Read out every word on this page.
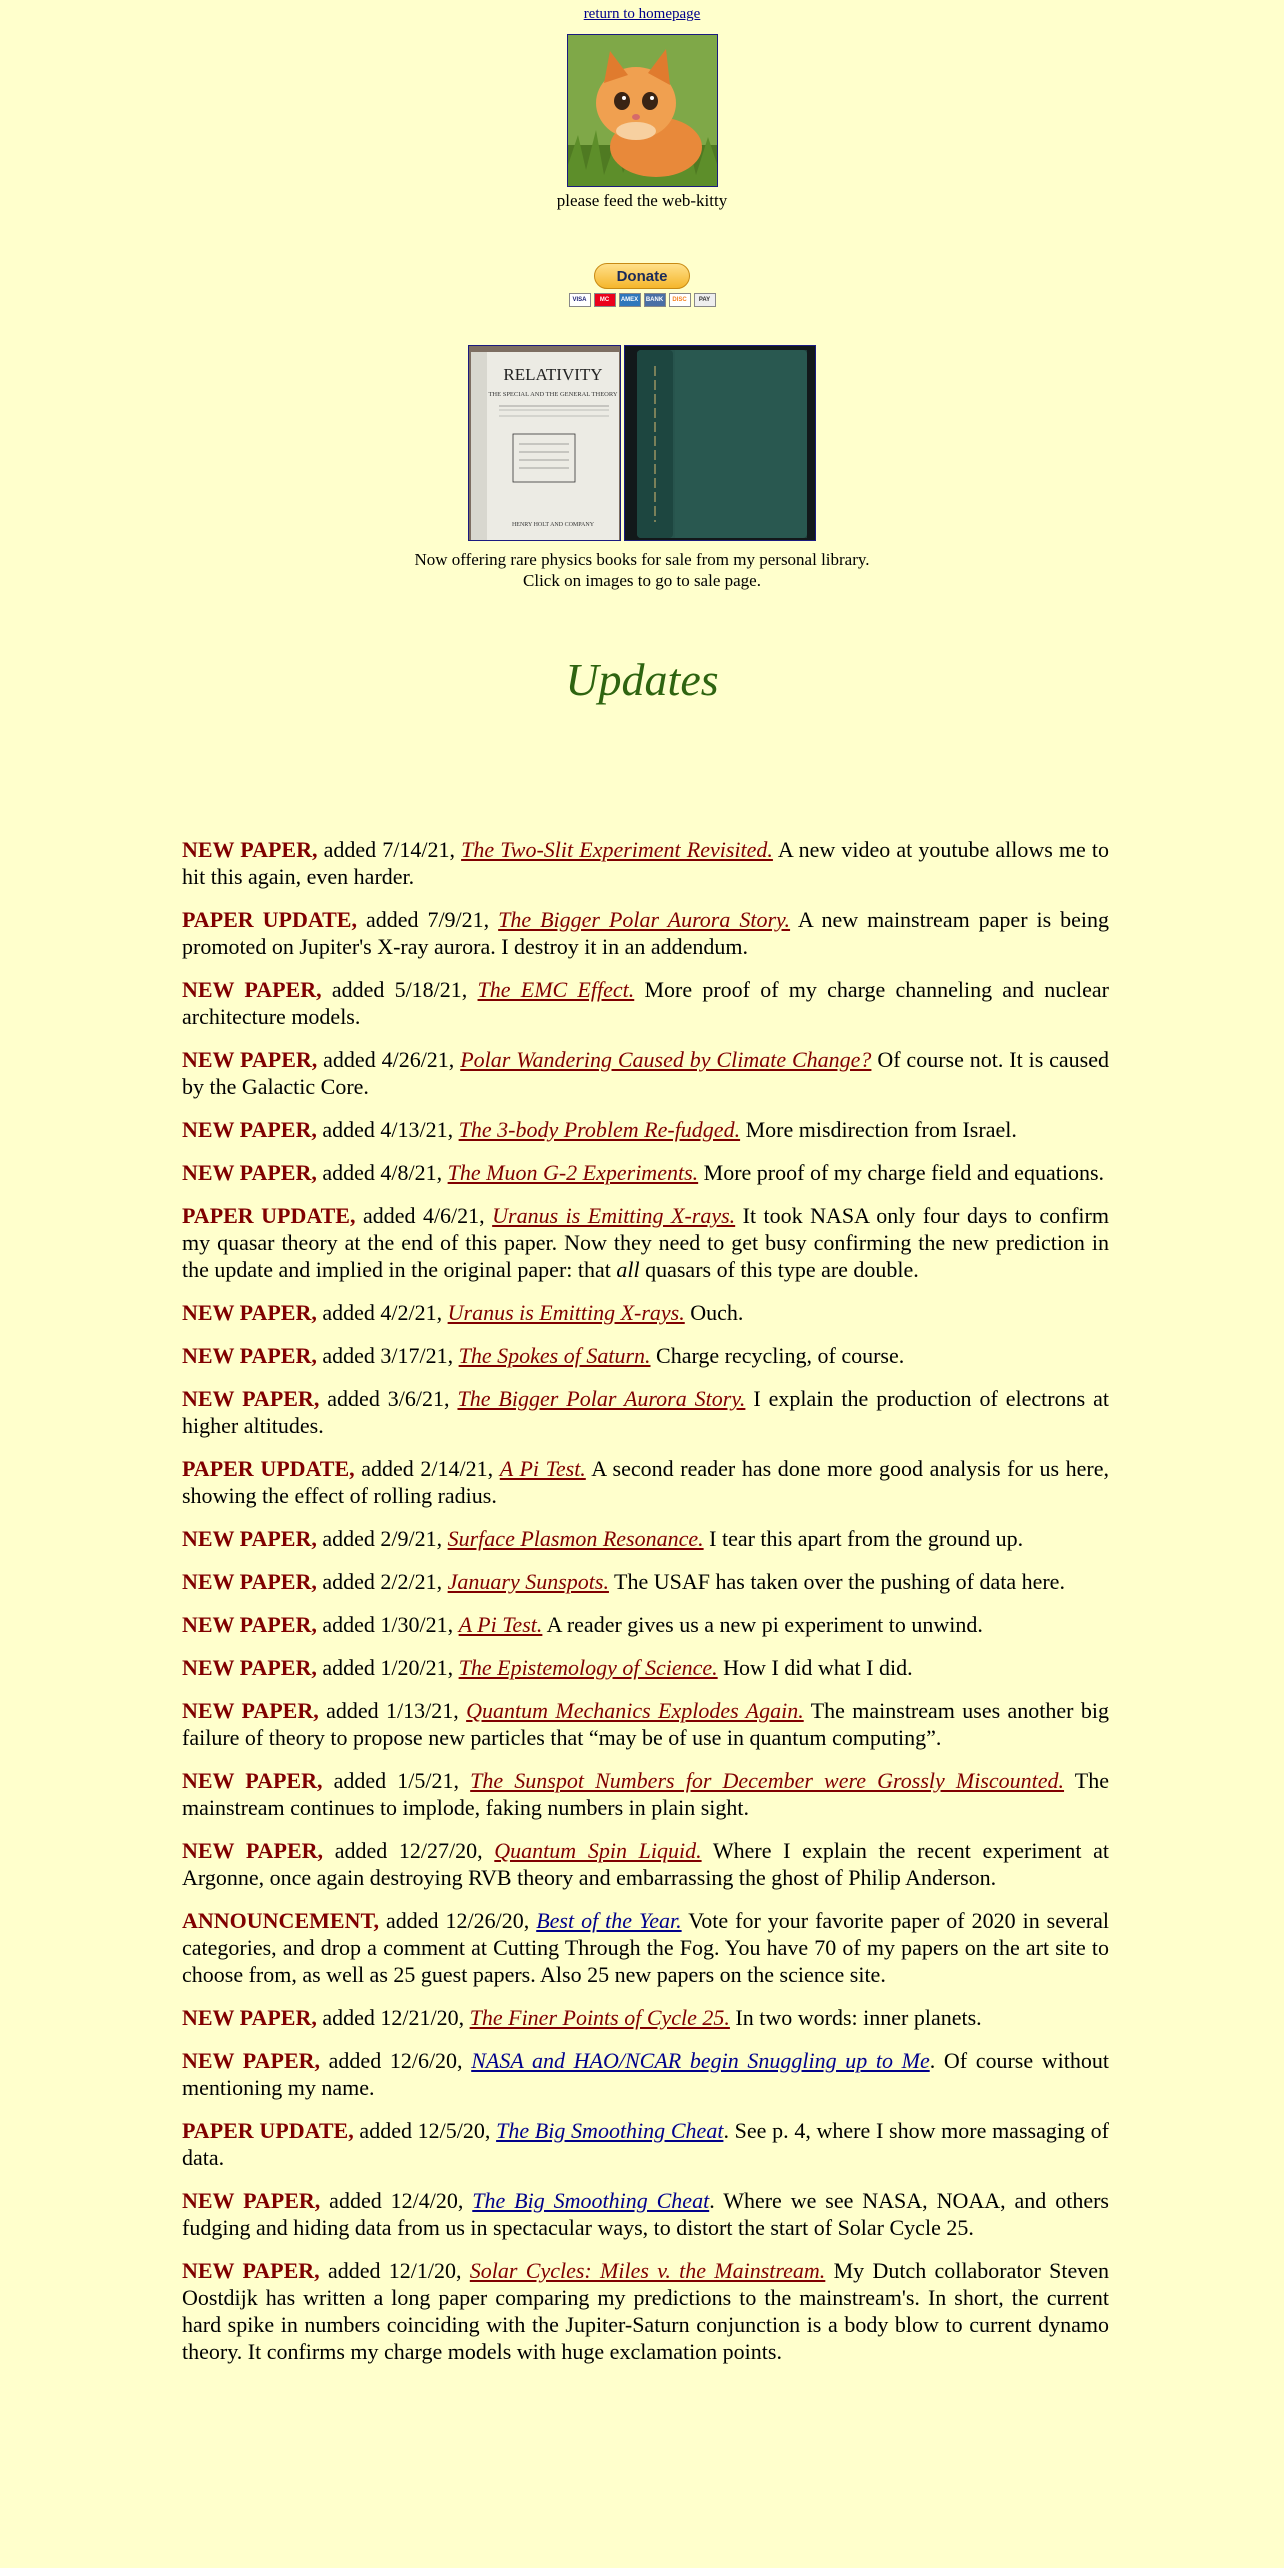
return to homepage
please feed the web-kitty
Donate
VISA	MC	AMEX	BANK	DISC	PAY
RELATIVITY
THE SPECIAL AND THE GENERAL THEORY
HENRY HOLT AND COMPANY
Now offering rare physics books for sale from my personal library.
Click on images to go to sale page.
Updates

NEW PAPER, added 7/14/21, The Two-Slit Experiment Revisited. A new video at youtube allows me to hit this again, even harder.

PAPER UPDATE, added 7/9/21, The Bigger Polar Aurora Story. A new mainstream paper is being promoted on Jupiter's X-ray aurora. I destroy it in an addendum.

NEW PAPER, added 5/18/21, The EMC Effect. More proof of my charge channeling and nuclear architecture models.

NEW PAPER, added 4/26/21, Polar Wandering Caused by Climate Change? Of course not. It is caused by the Galactic Core.

NEW PAPER, added 4/13/21, The 3-body Problem Re-fudged. More misdirection from Israel.

NEW PAPER, added 4/8/21, The Muon G-2 Experiments. More proof of my charge field and equations.

PAPER UPDATE, added 4/6/21, Uranus is Emitting X-rays. It took NASA only four days to confirm my quasar theory at the end of this paper. Now they need to get busy confirming the new prediction in the update and implied in the original paper: that all quasars of this type are double.

NEW PAPER, added 4/2/21, Uranus is Emitting X-rays. Ouch.

NEW PAPER, added 3/17/21, The Spokes of Saturn. Charge recycling, of course.

NEW PAPER, added 3/6/21, The Bigger Polar Aurora Story. I explain the production of electrons at higher altitudes.

PAPER UPDATE, added 2/14/21, A Pi Test. A second reader has done more good analysis for us here, showing the effect of rolling radius.

NEW PAPER, added 2/9/21, Surface Plasmon Resonance. I tear this apart from the ground up.

NEW PAPER, added 2/2/21, January Sunspots. The USAF has taken over the pushing of data here.

NEW PAPER, added 1/30/21, A Pi Test. A reader gives us a new pi experiment to unwind.

NEW PAPER, added 1/20/21, The Epistemology of Science. How I did what I did.

NEW PAPER, added 1/13/21, Quantum Mechanics Explodes Again. The mainstream uses another big failure of theory to propose new particles that “may be of use in quantum computing”.

NEW PAPER, added 1/5/21, The Sunspot Numbers for December were Grossly Miscounted. The mainstream continues to implode, faking numbers in plain sight.

NEW PAPER, added 12/27/20, Quantum Spin Liquid. Where I explain the recent experiment at Argonne, once again destroying RVB theory and embarrassing the ghost of Philip Anderson.

ANNOUNCEMENT, added 12/26/20, Best of the Year. Vote for your favorite paper of 2020 in several categories, and drop a comment at Cutting Through the Fog. You have 70 of my papers on the art site to choose from, as well as 25 guest papers. Also 25 new papers on the science site.

NEW PAPER, added 12/21/20, The Finer Points of Cycle 25. In two words: inner planets.

NEW PAPER, added 12/6/20, NASA and HAO/NCAR begin Snuggling up to Me. Of course without mentioning my name.

PAPER UPDATE, added 12/5/20, The Big Smoothing Cheat. See p. 4, where I show more massaging of data.

NEW PAPER, added 12/4/20, The Big Smoothing Cheat. Where we see NASA, NOAA, and others fudging and hiding data from us in spectacular ways, to distort the start of Solar Cycle 25.

NEW PAPER, added 12/1/20, Solar Cycles: Miles v. the Mainstream. My Dutch collaborator Steven Oostdijk has written a long paper comparing my predictions to the mainstream's. In short, the current hard spike in numbers coinciding with the Jupiter-Saturn conjunction is a body blow to current dynamo theory. It confirms my charge models with huge exclamation points.
